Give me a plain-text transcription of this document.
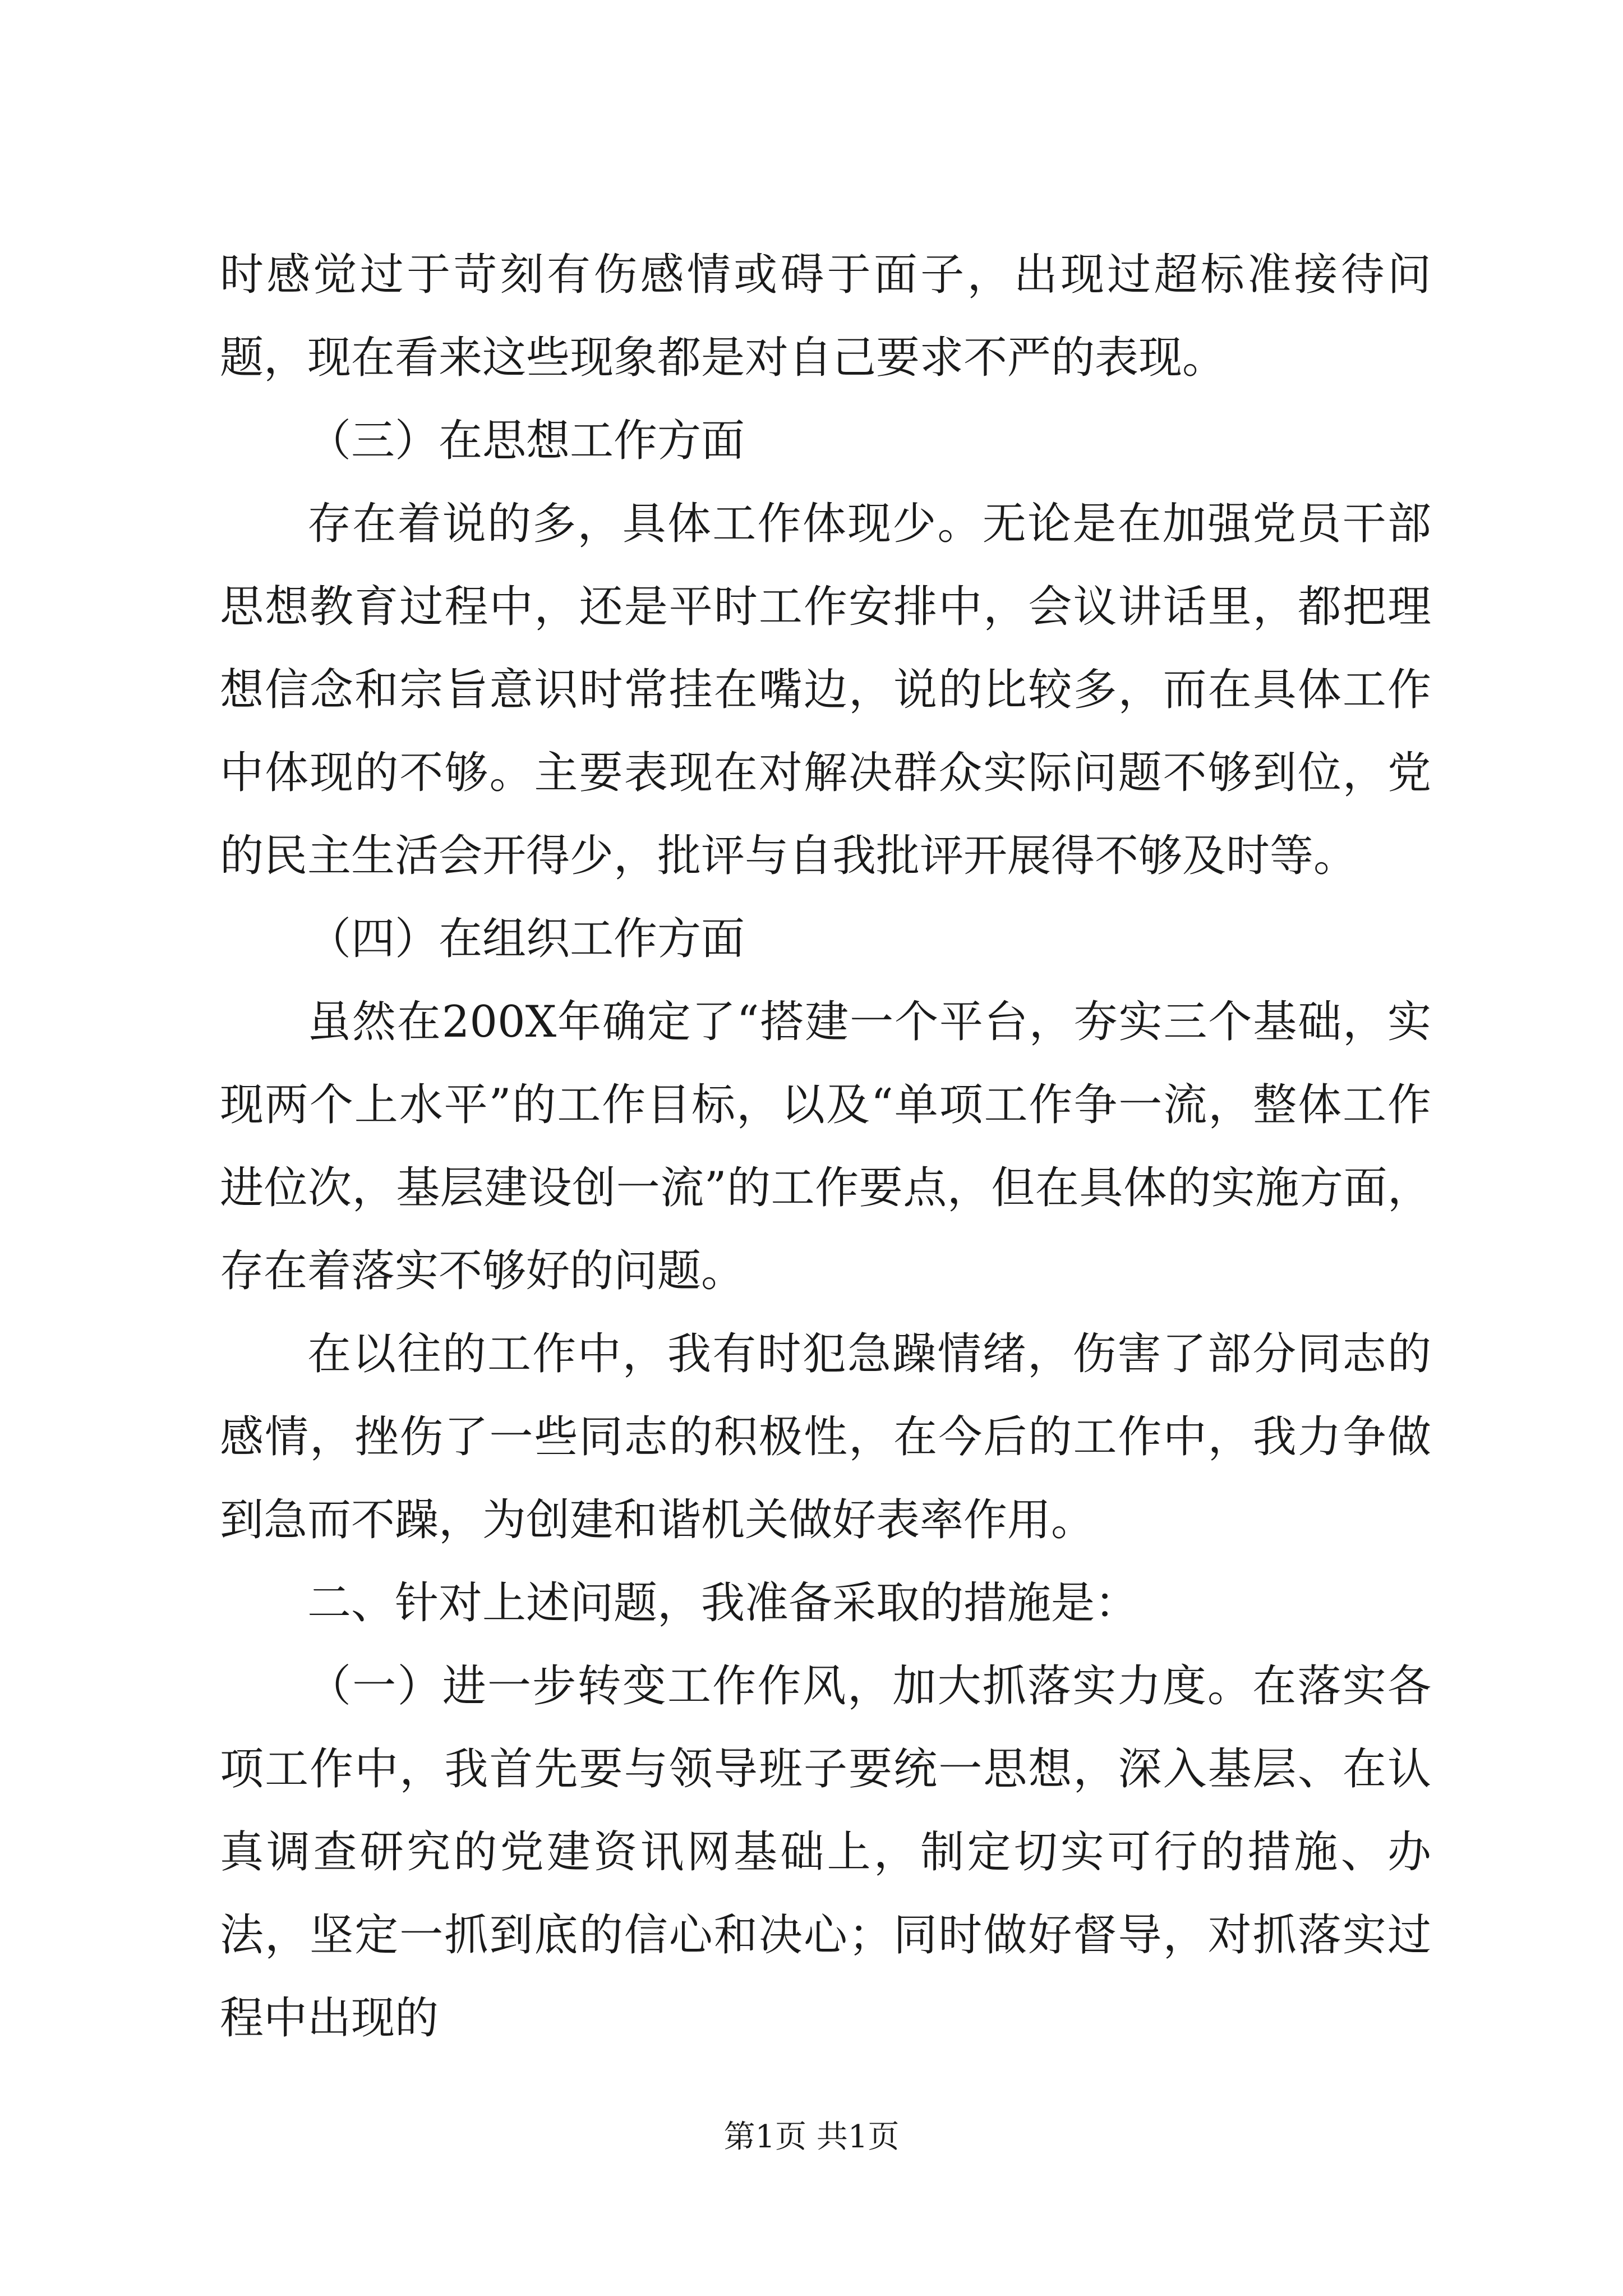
时感觉过于苛刻有伤感情或碍于面子，出现过超标准接待问题，现在看来这些现象都是对自己要求不严的表现。

（三）在思想工作方面

存在着说的多，具体工作体现少。无论是在加强党员干部思想教育过程中，还是平时工作安排中，会议讲话里，都把理想信念和宗旨意识时常挂在嘴边，说的比较多，而在具体工作中体现的不够。主要表现在对解决群众实际问题不够到位，党的民主生活会开得少，批评与自我批评开展得不够及时等。

（四）在组织工作方面

虽然在200X年确定了“搭建一个平台，夯实三个基础，实现两个上水平”的工作目标，以及“单项工作争一流，整体工作进位次，基层建设创一流”的工作要点，但在具体的实施方面，存在着落实不够好的问题。

在以往的工作中，我有时犯急躁情绪，伤害了部分同志的感情，挫伤了一些同志的积极性，在今后的工作中，我力争做到急而不躁，为创建和谐机关做好表率作用。

二、针对上述问题，我准备采取的措施是：

（一）进一步转变工作作风，加大抓落实力度。在落实各项工作中，我首先要与领导班子要统一思想，深入基层、在认真调查研究的党建资讯网基础上，制定切实可行的措施、办法，坚定一抓到底的信心和决心；同时做好督导，对抓落实过程中出现的

第1页 共1页
